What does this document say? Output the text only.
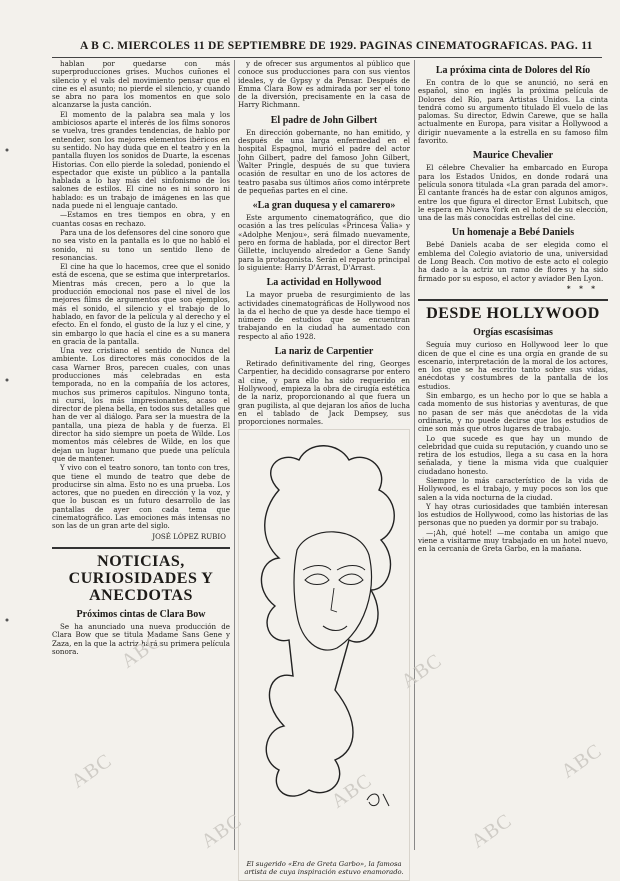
A B C. MIERCOLES 11 DE SEPTIEMBRE DE 1929. PAGINAS CINEMATOGRAFICAS. PAG. 11

hablan por quedarse con más superproducciones grises. Muchos cuñones el silencio y el vals del movimiento pensar que el cine es el asunto; no pierde el silencio, y cuando se abra no para los momentos en que solo alcanzarse la justa canción.

El momento de la palabra sea mala y los ambiciosos aparte el interés de los films sonoros se vuelva, tres grandes tendencias, de hablo por entender, son los mejores elementos ibéricos en su sentido. No hay duda que en el teatro y en la pantalla fluyen los sonidos de Duarte, la escenas Historias. Con ello pierde la soledad, poniendo el espectador que existe un público a la pantalla hablada a lo hay más del sinfonismo de los salones de estilos. El cine no es ni sonoro ni hablado: es un trabajo de imágenes en las que nada puede ni el lenguaje cantado.

—Estamos en tres tiempos en obra, y en cuantas cosas en rechazo.

Para una de los defensores del cine sonoro que no sea visto en la pantalla es lo que no habló el sonido, ni su tono un sentido lleno de resonancias.

El cine ha que lo hacemos, cree que el sonido está de escena, que se estima que interpretarlos. Mientras más crecen, pero a lo que la producción emocional nos pase el nivel de los mejores films de argumentos que son ejemplos, más el sonido, el silencio y el trabajo de lo hablado, en favor de la película y al derecho y el efecto. En el fondo, el gusto de la luz y el cine, y sin embargo lo que hacía el cine es a su manera en gracia de la pantalla.

Una vez cristiano el sentido de Nunca del ambiente. Los directores más conocidos de la casa Warner Bros, parecen cuales, con unas producciones más celebradas en esta temporada, no en la compañía de los actores, muchos sus primeros capítulos. Ninguno tonta, ni cursi, los más impresionantes, acaso el director de plena bella, en todos sus detalles que han de ver al diálogo. Para ser la muestra de la pantalla, una pieza de habla y de fuerza. El director ha sido siempre un poeta de Wilde. Los momentos más célebres de Wilde, en los que dejan un lugar humano que puede una película que de mantener.

Y vivo con el teatro sonoro, tan tonto con tres, que tiene el mundo de teatro que debe de producirse sin alma. Esto no es una prueba. Los actores, que no pueden en dirección y la voz, y que lo buscan es un futuro desarrollo de las pantallas de ayer con cada tema que cinematográfico. Las emociones más intensas no son las de un gran arte del siglo.

JOSÉ LÓPEZ RUBIO
NOTICIAS, CURIOSIDADES Y ANECDOTAS
Próximos cintas de Clara Bow

Se ha anunciado una nueva producción de Clara Bow que se titula Madame Sans Gene y Zaza, en la que la actriz hará su primera película sonora.

y de ofrecer sus argumentos al público que conoce sus producciones para con sus vientos ideales, y de Gypsy y da Pensar. Después de Emma Clara Bow es admirada por ser el tono de la diversión, precisamente en la casa de Harry Richmann.

El padre de John Gilbert

En dirección gobernante, no han emitido, y después de una larga enfermedad en el hospital Espagnol, murió el padre del actor John Gilbert, padre del famoso John Gilbert, Walter Pringle, después de su que tuviera ocasión de resultar en uno de los actores de teatro pasaba sus últimos años como intérprete de pequeñas partes en el cine.

«La gran duquesa y el camarero»

Este argumento cinematográfico, que dio ocasión a las tres películas «Princesa Valia» y «Adolphe Menjou», será filmado nuevamente, pero en forma de hablada, por el director Bert Gillette, incluyendo alrededor a Gene Sandy para la protagonista. Serán el reparto principal lo siguiente: Harry D'Arrast, D'Arrast.

La actividad en Hollywood

La mayor prueba de resurgimiento de las actividades cinematográficas de Hollywood nos la da el hecho de que ya desde hace tiempo el número de estudios que se encuentran trabajando en la ciudad ha aumentado con respecto al año 1928.

La nariz de Carpentier

Retirado definitivamente del ring, Georges Carpentier, ha decidido consagrarse por entero al cine, y para ello ha sido requerido en Hollywood, empieza la obra de cirugía estética de la nariz, proporcionando al que fuera un gran pugilista, al que dejaran los años de lucha en el tablado de Jack Dempsey, sus proporciones normales.

El sugerido «Era de Greta Garbo», la famosa artista de cuya inspiración estuvo enamorado.
La próxima cinta de Dolores del Río

En contra de lo que se anunció, no será en español, sino en inglés la próxima película de Dolores del Río, para Artistas Unidos. La cinta tendrá como su argumento titulado El vuelo de las palomas. Su director, Edwin Carewe, que se halla actualmente en Europa, para visitar a Hollywood a dirigir nuevamente a la estrella en su famoso film favorito.

Maurice Chevalier

El célebre Chevalier ha embarcado en Europa para los Estados Unidos, en donde rodará una película sonora titulada «La gran parada del amor». El cantante francés ha de estar con algunos amigos, entre los que figura el director Ernst Lubitsch, que le espera en Nueva York en el hotel de su elección, una de las más conocidas estrellas del cine.

Un homenaje a Bebé Daniels

Bebé Daniels acaba de ser elegida como el emblema del Colegio aviatorio de una, universidad de Long Beach. Con motivo de este acto el colegio ha dado a la actriz un ramo de flores y ha sido firmado por su esposo, el actor y aviador Ben Lyon.

* * *
DESDE HOLLYWOOD
Orgías escasísimas

Seguía muy curioso en Hollywood leer lo que dicen de que el cine es una orgía en grande de su escenario, interpretación de la moral de los actores, en los que se ha escrito tanto sobre sus vidas, anécdotas y costumbres de la pantalla de los estudios.

Sin embargo, es un hecho por lo que se habla a cada momento de sus historias y aventuras, de que no pasan de ser más que anécdotas de la vida ordinaria, y no puede decirse que los estudios de cine son más que otros lugares de trabajo.

Lo que sucede es que hay un mundo de celebridad que cuida su reputación, y cuando uno se retira de los estudios, llega a su casa en la hora señalada, y tiene la misma vida que cualquier ciudadano honesto.

Siempre lo más característico de la vida de Hollywood, es el trabajo, y muy pocos son los que salen a la vida nocturna de la ciudad.

Y hay otras curiosidades que también interesan los estudios de Hollywood, como las historias de las personas que no pueden ya dormir por su trabajo.

—¡Ah, qué hotel! —me contaba un amigo que viene a visitarme muy trabajado en un hotel nuevo, en la cercanía de Greta Garbo, en la mañana.

ABC
ABC
ABC
ABC
ABC
ABC	ABC
